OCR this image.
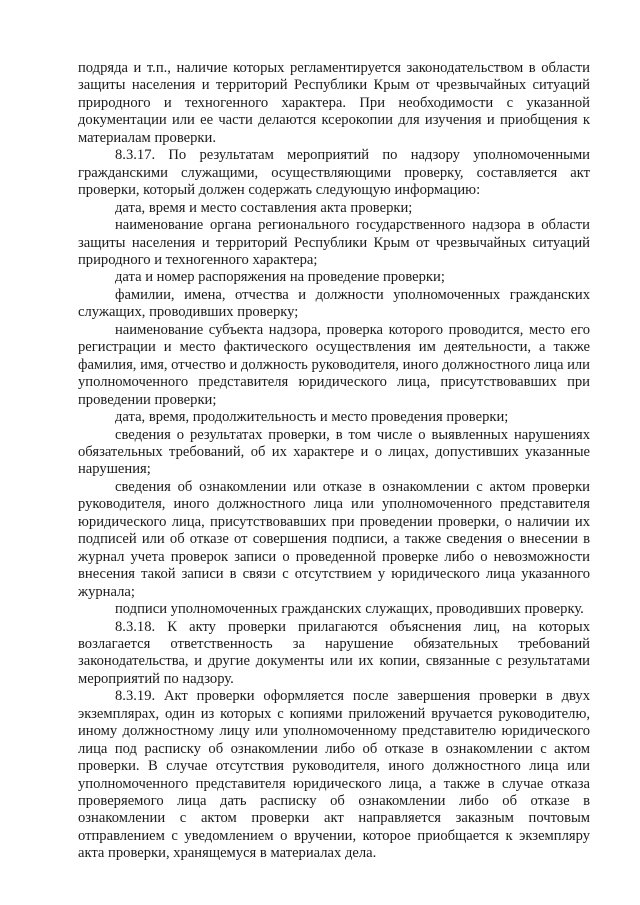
подряда и т.п., наличие которых регламентируется законодательством в области защиты населения и территорий Республики Крым от чрезвычайных ситуаций природного и техногенного характера. При необходимости с указанной документации или ее части делаются ксерокопии для изучения и приобщения к материалам проверки.

8.3.17. По результатам мероприятий по надзору уполномоченными гражданскими служащими, осуществляющими проверку, составляется акт проверки, который должен содержать следующую информацию:

дата, время и место составления акта проверки;

наименование органа регионального государственного надзора в области защиты населения и территорий Республики Крым от чрезвычайных ситуаций природного и техногенного характера;

дата и номер распоряжения на проведение проверки;

фамилии, имена, отчества и должности уполномоченных гражданских служащих, проводивших проверку;

наименование субъекта надзора, проверка которого проводится, место его регистрации и место фактического осуществления им деятельности, а также фамилия, имя, отчество и должность руководителя, иного должностного лица или уполномоченного представителя юридического лица, присутствовавших при проведении проверки;

дата, время, продолжительность и место проведения проверки;

сведения о результатах проверки, в том числе о выявленных нарушениях обязательных требований, об их характере и о лицах, допустивших указанные нарушения;

сведения об ознакомлении или отказе в ознакомлении с актом проверки руководителя, иного должностного лица или уполномоченного представителя юридического лица, присутствовавших при проведении проверки, о наличии их подписей или об отказе от совершения подписи, а также сведения о внесении в журнал учета проверок записи о проведенной проверке либо о невозможности внесения такой записи в связи с отсутствием у юридического лица указанного журнала;

подписи уполномоченных гражданских служащих, проводивших проверку.

8.3.18. К акту проверки прилагаются объяснения лиц, на которых возлагается ответственность за нарушение обязательных требований законодательства, и другие документы или их копии, связанные с результатами мероприятий по надзору.

8.3.19. Акт проверки оформляется после завершения проверки в двух экземплярах, один из которых с копиями приложений вручается руководителю, иному должностному лицу или уполномоченному представителю юридического лица под расписку об ознакомлении либо об отказе в ознакомлении с актом проверки. В случае отсутствия руководителя, иного должностного лица или уполномоченного представителя юридического лица, а также в случае отказа проверяемого лица дать расписку об ознакомлении либо об отказе в ознакомлении с актом проверки акт направляется заказным почтовым отправлением с уведомлением о вручении, которое приобщается к экземпляру акта проверки, хранящемуся в материалах дела.
